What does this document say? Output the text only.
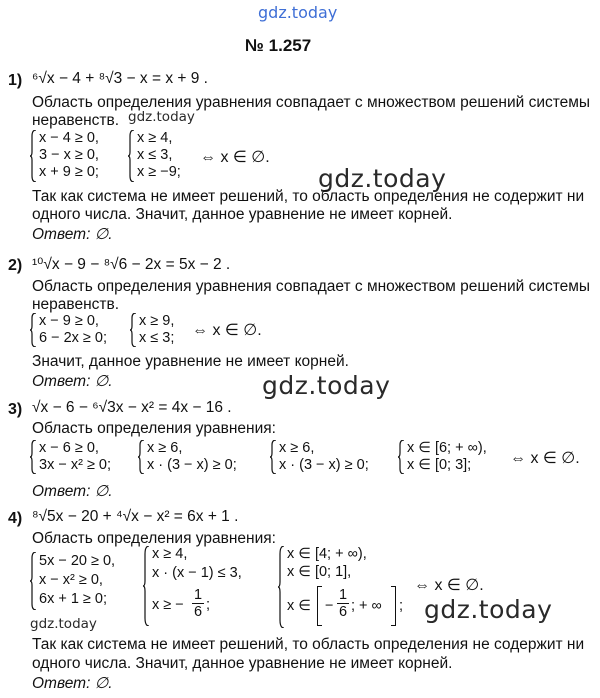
gdz.today
gdz.today
gdz.today
gdz.today
gdz.today
gdz.today
№ 1.257
1) ⁶√x − 4 + ⁸√3 − x = x + 9 .
Область определения уравнения совпадает с множеством решений системы
неравенств.
x − 4 ≥ 0,
3 − x ≥ 0,
x + 9 ≥ 0;
x ≥ 4,
x ≤ 3,
x ≥ −9;
⇔ x ∈ ∅.
Так как система не имеет решений, то область определения не содержит ни
одного числа. Значит, данное уравнение не имеет корней.
Ответ: ∅.
2) ¹⁰√x − 9 − ⁸√6 − 2x = 5x − 2 .
Область определения уравнения совпадает с множеством решений системы
неравенств.
x − 9 ≥ 0,
6 − 2x ≥ 0;
x ≥ 9,
x ≤ 3; ⇔ x ∈ ∅.
Значит, данное уравнение не имеет корней.
Ответ: ∅.
3) √x − 6 − ⁶√3x − x² = 4x − 16 .
Область определения уравнения:
x − 6 ≥ 0,
3x − x² ≥ 0;
x ≥ 6,
x · (3 − x) ≥ 0;
x ≥ 6,
x · (3 − x) ≥ 0;
x ∈ [6; + ∞),
x ∈ [0; 3];	⇔ x ∈ ∅.
Ответ: ∅.
4) ⁸√5x − 20 + ⁴√x − x² = 6x + 1 .
Область определения уравнения:
5x − 20 ≥ 0,
x − x² ≥ 0,
6x + 1 ≥ 0;
x ≥ 4,
x · (x − 1) ≤ 3,
x ≥ − $\frac{1}{6}$ ;
x ∈ [4; + ∞),
x ∈ [0; 1],
x ∈ − $\frac{1}{6}$ ; + ∞ ;
⇔ x ∈ ∅.
Так как система не имеет решений, то область определения не содержит ни
одного числа. Значит, данное уравнение не имеет корней.
Ответ: ∅.
